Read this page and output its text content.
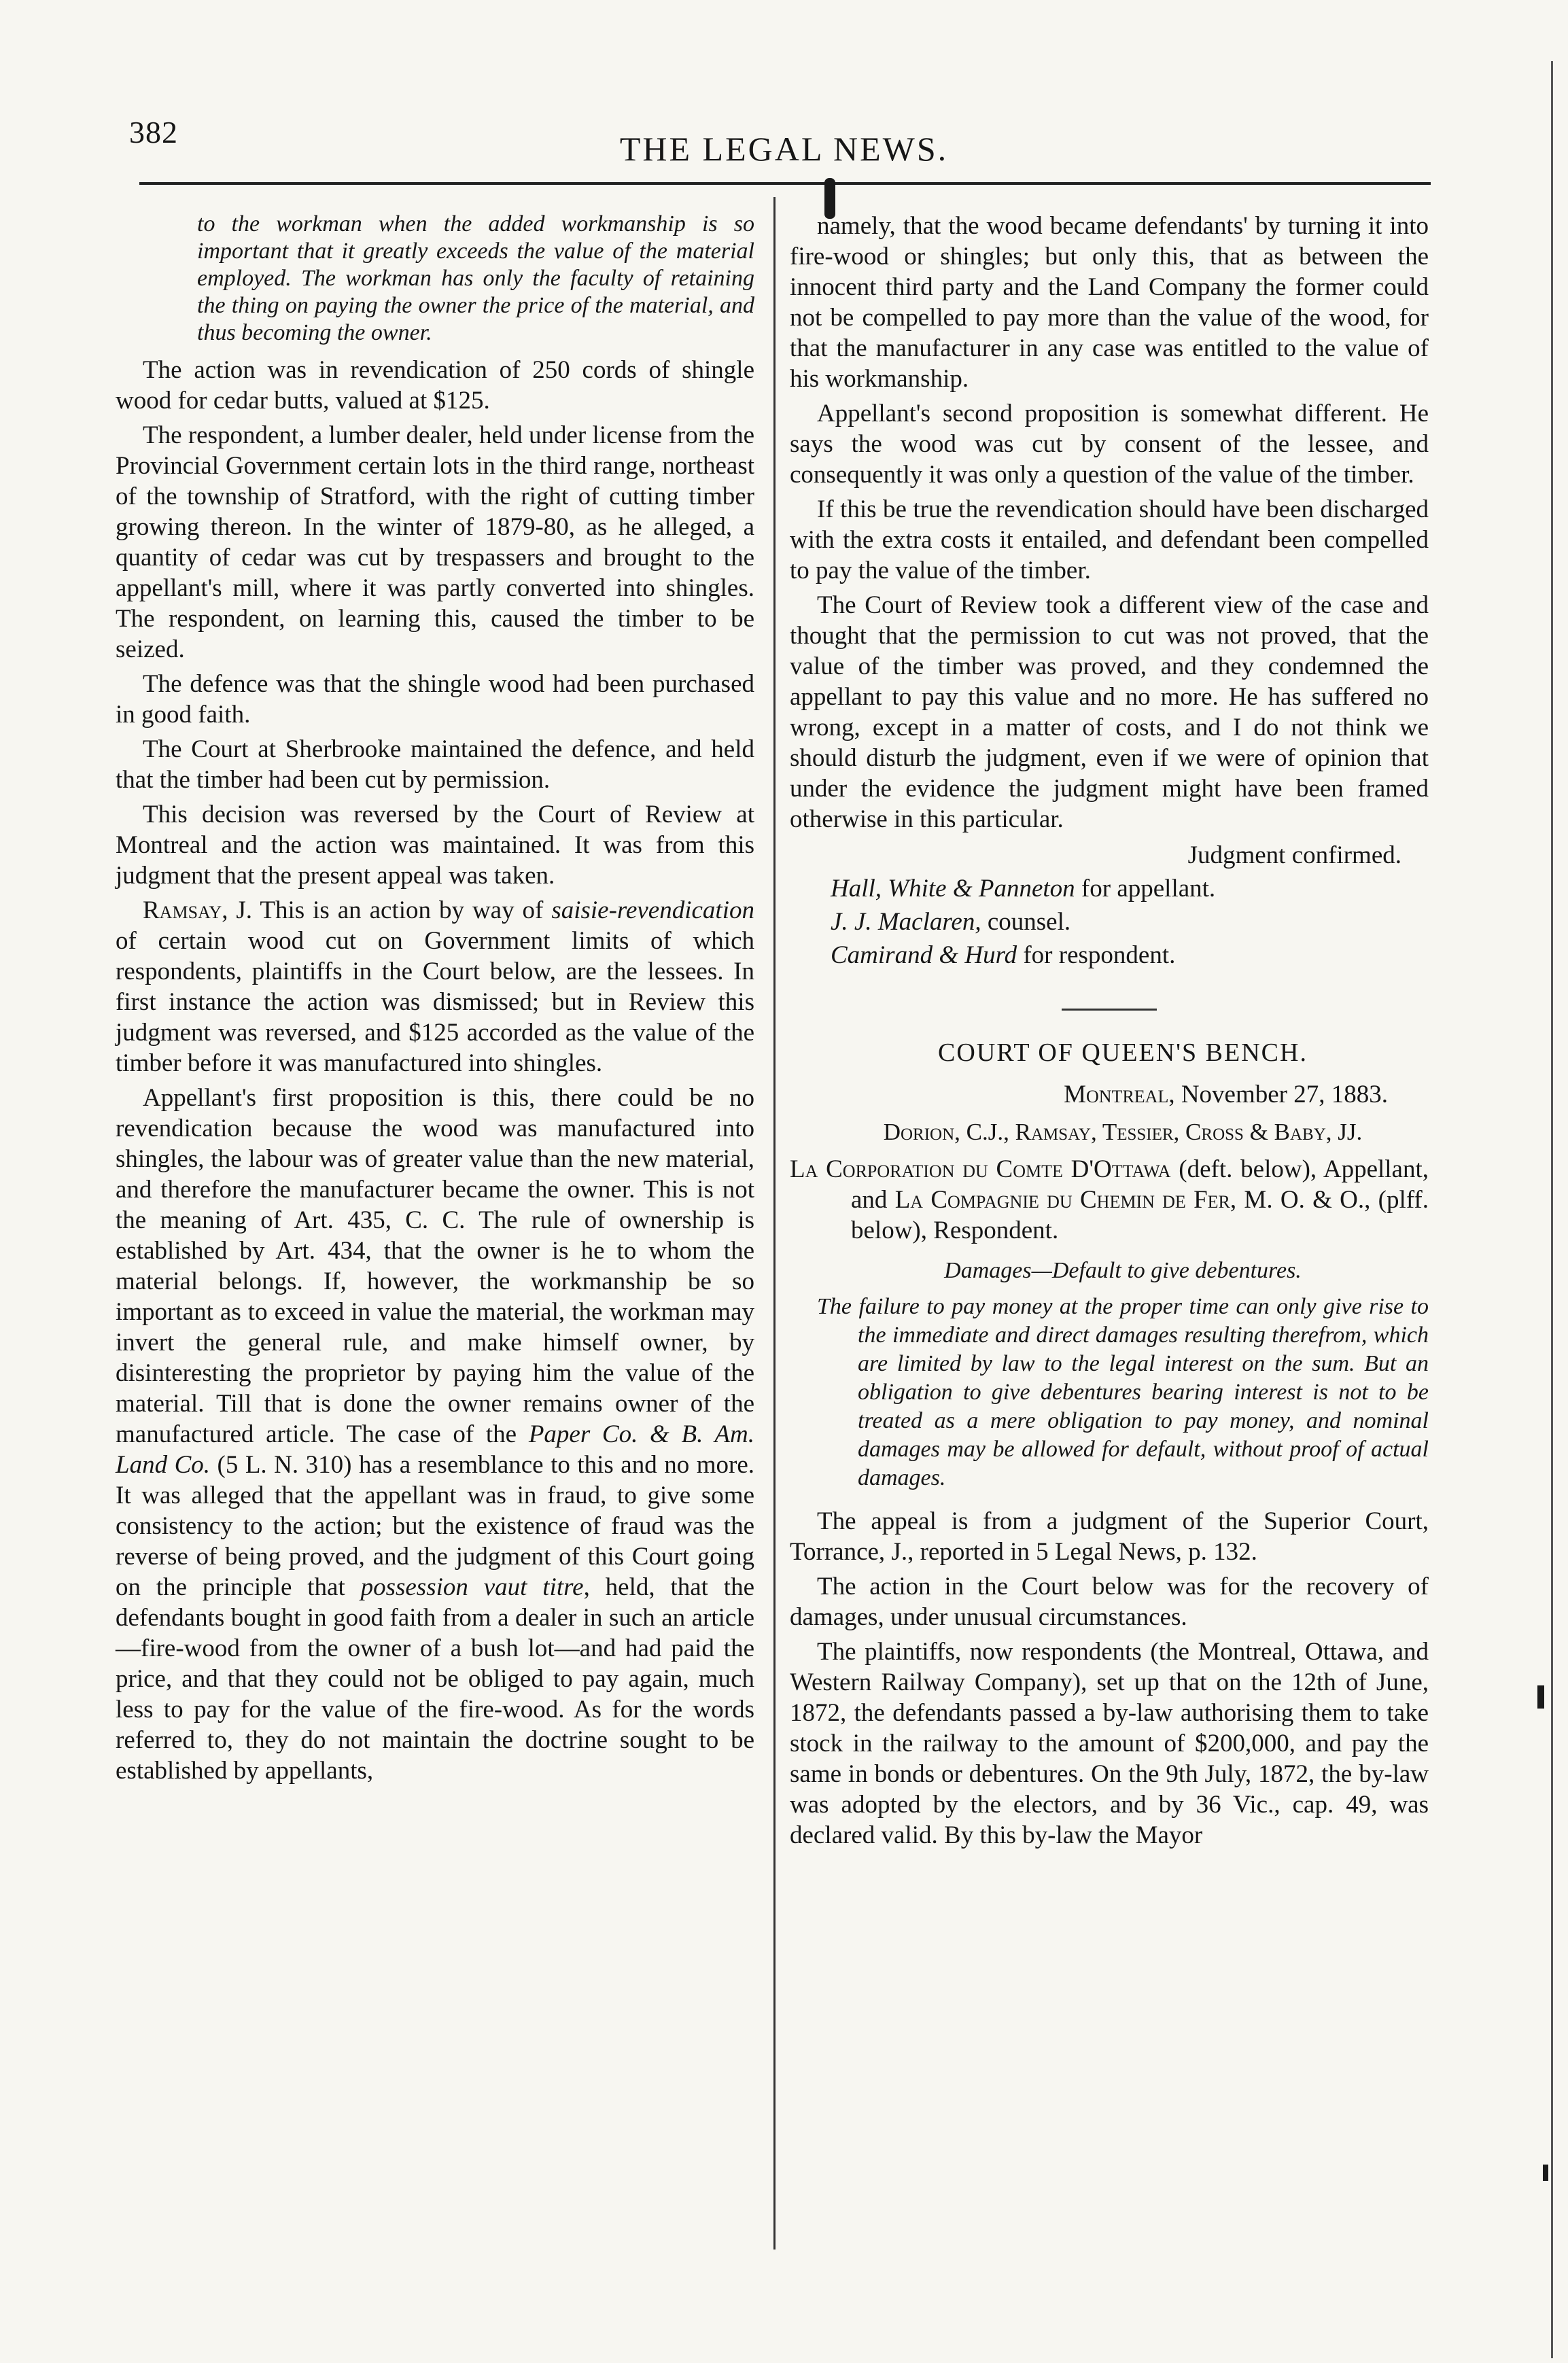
382	THE LEGAL NEWS.

to the workman when the added workmanship is so important that it greatly exceeds the value of the material employed. The workman has only the faculty of retaining the thing on paying the owner the price of the material, and thus becoming the owner.

The action was in revendication of 250 cords of shingle wood for cedar butts, valued at $125.

The respondent, a lumber dealer, held under license from the Provincial Government certain lots in the third range, northeast of the township of Stratford, with the right of cutting timber growing thereon. In the winter of 1879-80, as he alleged, a quantity of cedar was cut by trespassers and brought to the appellant's mill, where it was partly converted into shingles. The respondent, on learning this, caused the timber to be seized.

The defence was that the shingle wood had been purchased in good faith.

The Court at Sherbrooke maintained the defence, and held that the timber had been cut by permission.

This decision was reversed by the Court of Review at Montreal and the action was maintained. It was from this judgment that the present appeal was taken.

Ramsay, J. This is an action by way of saisie-revendication of certain wood cut on Government limits of which respondents, plaintiffs in the Court below, are the lessees. In first instance the action was dismissed; but in Review this judgment was reversed, and $125 accorded as the value of the timber before it was manufactured into shingles.

Appellant's first proposition is this, there could be no revendication because the wood was manufactured into shingles, the labour was of greater value than the new material, and therefore the manufacturer became the owner. This is not the meaning of Art. 435, C. C. The rule of ownership is established by Art. 434, that the owner is he to whom the material belongs. If, however, the workmanship be so important as to exceed in value the material, the workman may invert the general rule, and make himself owner, by disinteresting the proprietor by paying him the value of the material. Till that is done the owner remains owner of the manufactured article. The case of the Paper Co. & B. Am. Land Co. (5 L. N. 310) has a resemblance to this and no more. It was alleged that the appellant was in fraud, to give some consistency to the action; but the existence of fraud was the reverse of being proved, and the judgment of this Court going on the principle that possession vaut titre, held, that the defendants bought in good faith from a dealer in such an article—fire-wood from the owner of a bush lot—and had paid the price, and that they could not be obliged to pay again, much less to pay for the value of the fire-wood. As for the words referred to, they do not maintain the doctrine sought to be established by appellants,

namely, that the wood became defendants' by turning it into fire-wood or shingles; but only this, that as between the innocent third party and the Land Company the former could not be compelled to pay more than the value of the wood, for that the manufacturer in any case was entitled to the value of his workmanship.

Appellant's second proposition is somewhat different. He says the wood was cut by consent of the lessee, and consequently it was only a question of the value of the timber.

If this be true the revendication should have been discharged with the extra costs it entailed, and defendant been compelled to pay the value of the timber.

The Court of Review took a different view of the case and thought that the permission to cut was not proved, that the value of the timber was proved, and they condemned the appellant to pay this value and no more. He has suffered no wrong, except in a matter of costs, and I do not think we should disturb the judgment, even if we were of opinion that under the evidence the judgment might have been framed otherwise in this particular.

Judgment confirmed.

Hall, White & Panneton for appellant.

J. J. Maclaren, counsel.

Camirand & Hurd for respondent.

COURT OF QUEEN'S BENCH.

Montreal, November 27, 1883.

Dorion, C.J., Ramsay, Tessier, Cross & Baby, JJ.

La Corporation du Comte D'Ottawa (deft. below), Appellant, and La Compagnie du Chemin de Fer, M. O. & O., (plff. below), Respondent.

Damages—Default to give debentures.

The failure to pay money at the proper time can only give rise to the immediate and direct damages resulting therefrom, which are limited by law to the legal interest on the sum. But an obligation to give debentures bearing interest is not to be treated as a mere obligation to pay money, and nominal damages may be allowed for default, without proof of actual damages.

The appeal is from a judgment of the Superior Court, Torrance, J., reported in 5 Legal News, p. 132.

The action in the Court below was for the recovery of damages, under unusual circumstances.

The plaintiffs, now respondents (the Montreal, Ottawa, and Western Railway Company), set up that on the 12th of June, 1872, the defendants passed a by-law authorising them to take stock in the railway to the amount of $200,000, and pay the same in bonds or debentures. On the 9th July, 1872, the by-law was adopted by the electors, and by 36 Vic., cap. 49, was declared valid. By this by-law the Mayor
